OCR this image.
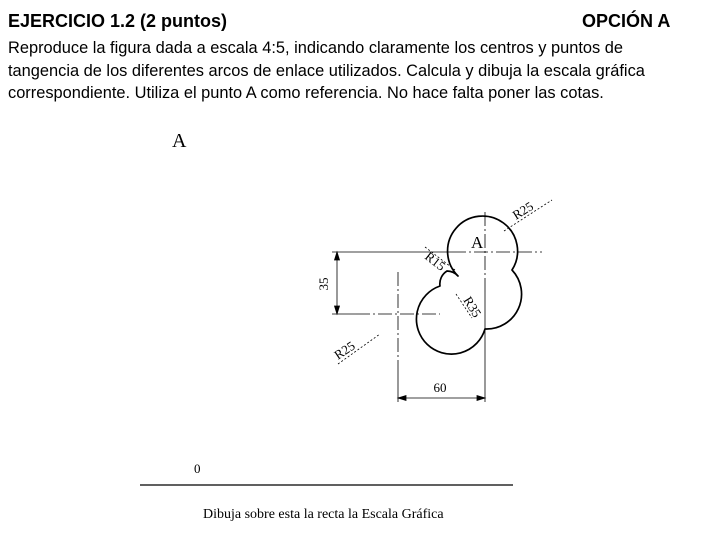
EJERCICIO 1.2 (2 puntos)	OPCIÓN A
Reproduce la figura dada a escala 4:5, indicando claramente los centros y puntos de
tangencia de los diferentes arcos de enlace utilizados. Calcula y dibuja la escala gráfica
correspondiente. Utiliza el punto A como referencia. No hace falta poner las cotas.
A
35
60
A
R25
R15
R35
R25
0
Dibuja sobre esta la recta la Escala Gráfica
